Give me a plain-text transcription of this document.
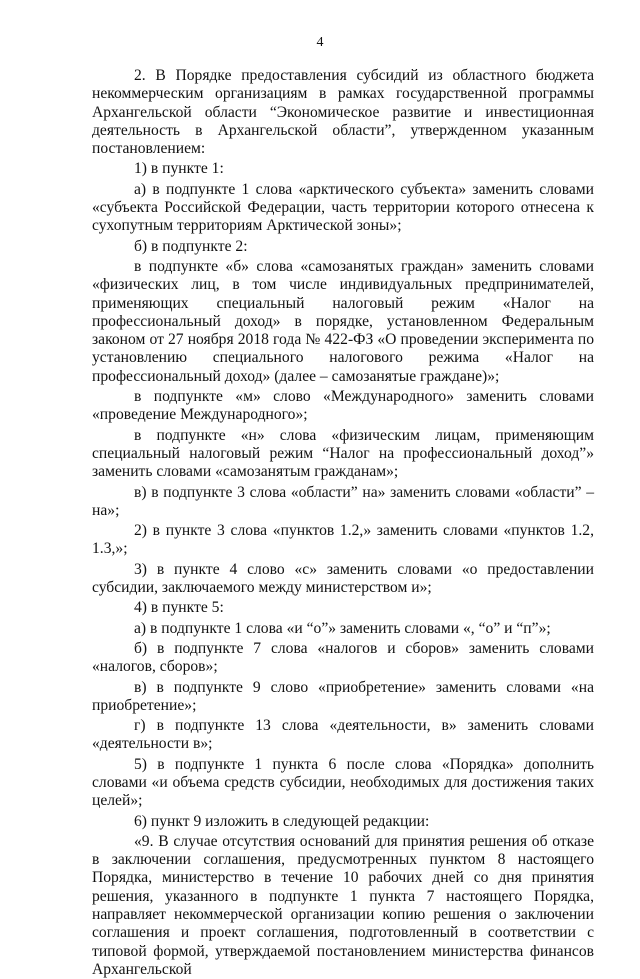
4

2. В Порядке предоставления субсидий из областного бюджета некоммерческим организациям в рамках государственной программы Архангельской области “Экономическое развитие и инвестиционная деятельность в Архангельской области”, утвержденном указанным постановлением:

1) в пункте 1:

а) в подпункте 1 слова «арктического субъекта» заменить словами «субъекта Российской Федерации, часть территории которого отнесена к сухопутным территориям Арктической зоны»;

б) в подпункте 2:

в подпункте «б» слова «самозанятых граждан» заменить словами «физических лиц, в том числе индивидуальных предпринимателей, применяющих специальный налоговый режим «Налог на профессиональный доход» в порядке, установленном Федеральным законом от 27 ноября 2018 года № 422-ФЗ «О проведении эксперимента по установлению специального налогового режима «Налог на профессиональный доход» (далее – самозанятые граждане)»;

в подпункте «м» слово «Международного» заменить словами «проведение Международного»;

в подпункте «н» слова «физическим лицам, применяющим специальный налоговый режим “Налог на профессиональный доход”» заменить словами «самозанятым гражданам»;

в) в подпункте 3 слова «области” на» заменить словами «области” – на»;

2) в пункте 3 слова «пунктов 1.2,» заменить словами «пунктов 1.2, 1.3,»;

3) в пункте 4 слово «с» заменить словами «о предоставлении субсидии, заключаемого между министерством и»;

4) в пункте 5:

а) в подпункте 1 слова «и “о”» заменить словами «, “о” и “п”»;

б) в подпункте 7 слова «налогов и сборов» заменить словами «налогов, сборов»;

в) в подпункте 9 слово «приобретение» заменить словами «на приобретение»;

г) в подпункте 13 слова «деятельности, в» заменить словами «деятельности в»;

5) в подпункте 1 пункта 6 после слова «Порядка» дополнить словами «и объема средств субсидии, необходимых для достижения таких целей»;

6) пункт 9 изложить в следующей редакции:

«9. В случае отсутствия оснований для принятия решения об отказе в заключении соглашения, предусмотренных пунктом 8 настоящего Порядка, министерство в течение 10 рабочих дней со дня принятия решения, указанного в подпункте 1 пункта 7 настоящего Порядка, направляет некоммерческой организации копию решения о заключении соглашения и проект соглашения, подготовленный в соответствии с типовой формой, утверждаемой постановлением министерства финансов Архангельской
